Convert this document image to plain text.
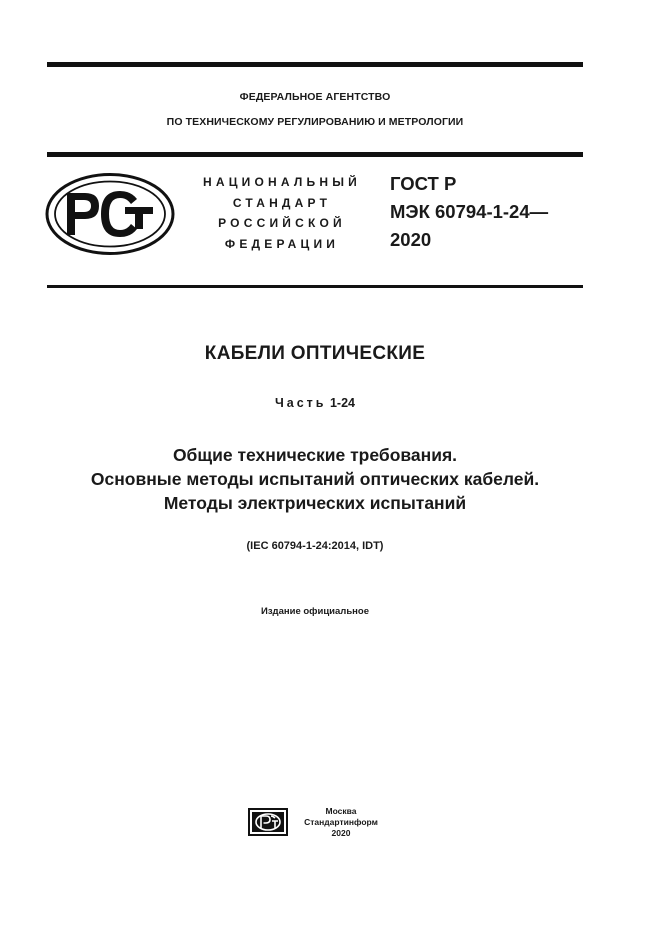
ФЕДЕРАЛЬНОЕ АГЕНТСТВО
ПО ТЕХНИЧЕСКОМУ РЕГУЛИРОВАНИЮ И МЕТРОЛОГИИ
НАЦИОНАЛЬНЫЙ
СТАНДАРТ
РОССИЙСКОЙ
ФЕДЕРАЦИИ
ГОСТ Р
МЭК 60794-1-24—
2020
КАБЕЛИ ОПТИЧЕСКИЕ
Часть 1-24
Общие технические требования.
Основные методы испытаний оптических кабелей.
Методы электрических испытаний
(IEC 60794-1-24:2014, IDT)
Издание официальное
Москва
Стандартинформ
2020
